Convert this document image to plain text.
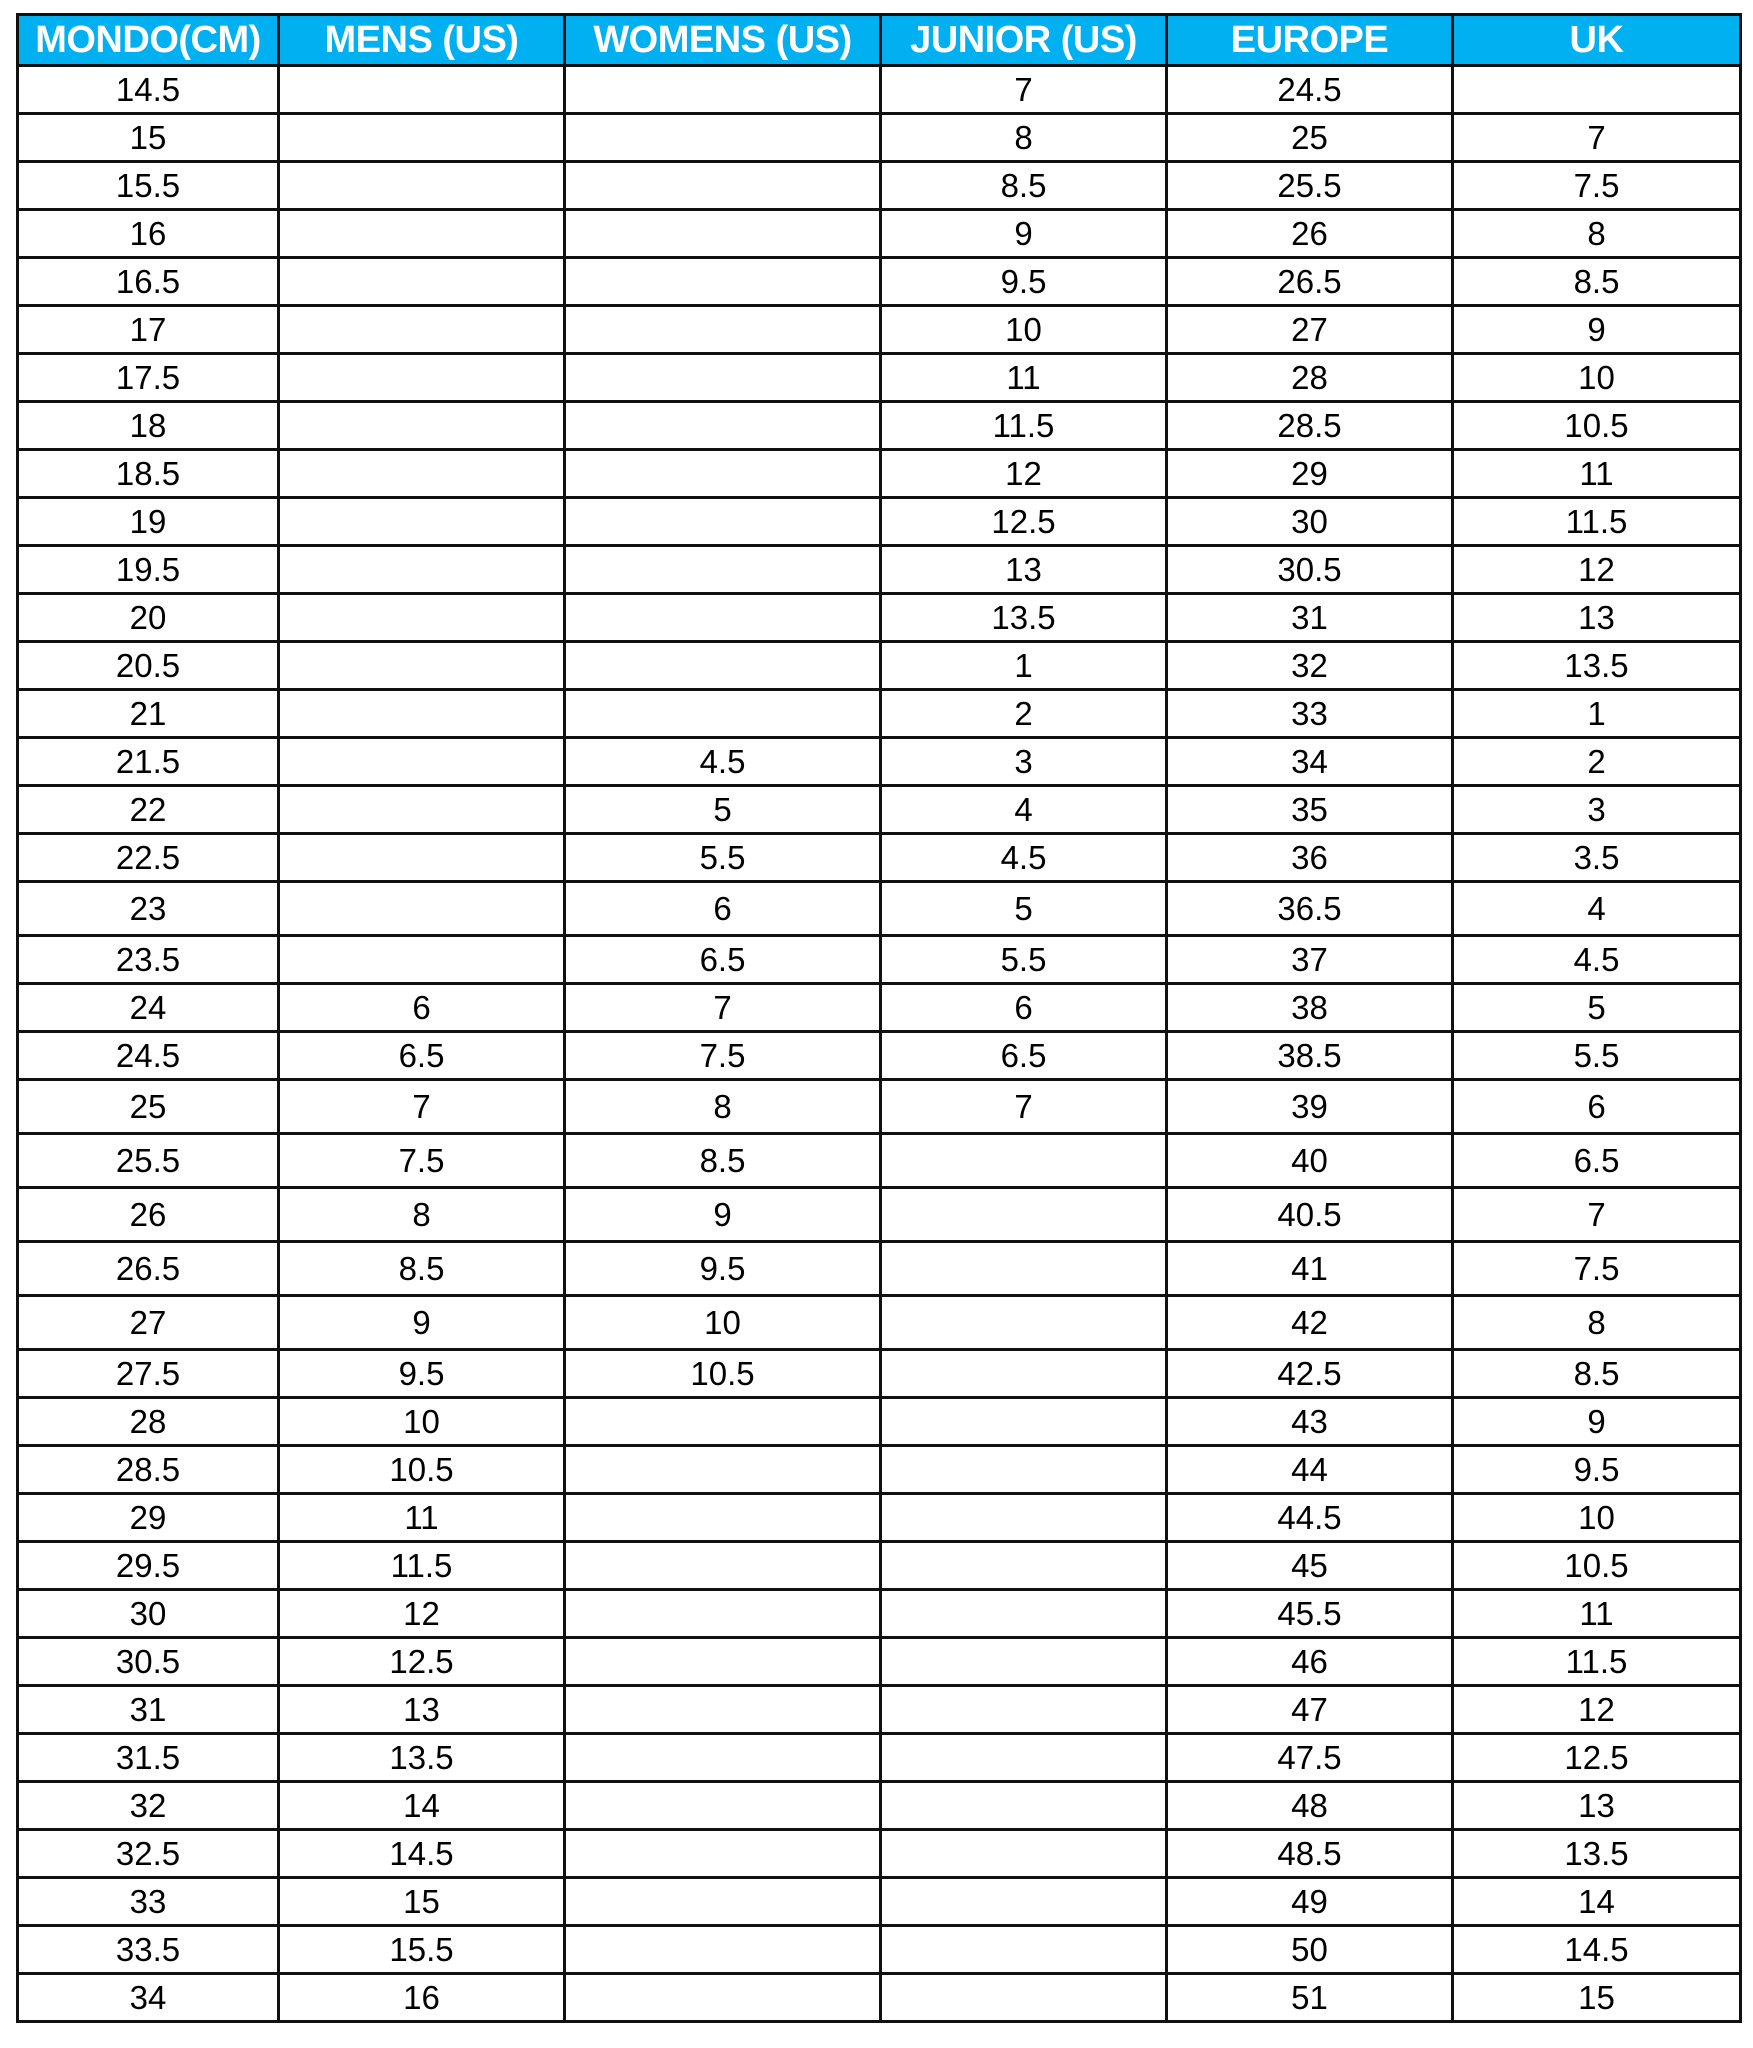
MONDO(CM)	MENS (US)	WOMENS (US)	JUNIOR (US)	EUROPE	UK
14.5			7	24.5	
15			8	25	7
15.5			8.5	25.5	7.5
16			9	26	8
16.5			9.5	26.5	8.5
17			10	27	9
17.5			11	28	10
18			11.5	28.5	10.5
18.5			12	29	11
19			12.5	30	11.5
19.5			13	30.5	12
20			13.5	31	13
20.5			1	32	13.5
21			2	33	1
21.5		4.5	3	34	2
22		5	4	35	3
22.5		5.5	4.5	36	3.5
23		6	5	36.5	4
23.5		6.5	5.5	37	4.5
24	6	7	6	38	5
24.5	6.5	7.5	6.5	38.5	5.5
25	7	8	7	39	6
25.5	7.5	8.5		40	6.5
26	8	9		40.5	7
26.5	8.5	9.5		41	7.5
27	9	10		42	8
27.5	9.5	10.5		42.5	8.5
28	10			43	9
28.5	10.5			44	9.5
29	11			44.5	10
29.5	11.5			45	10.5
30	12			45.5	11
30.5	12.5			46	11.5
31	13			47	12
31.5	13.5			47.5	12.5
32	14			48	13
32.5	14.5			48.5	13.5
33	15			49	14
33.5	15.5			50	14.5
34	16			51	15
